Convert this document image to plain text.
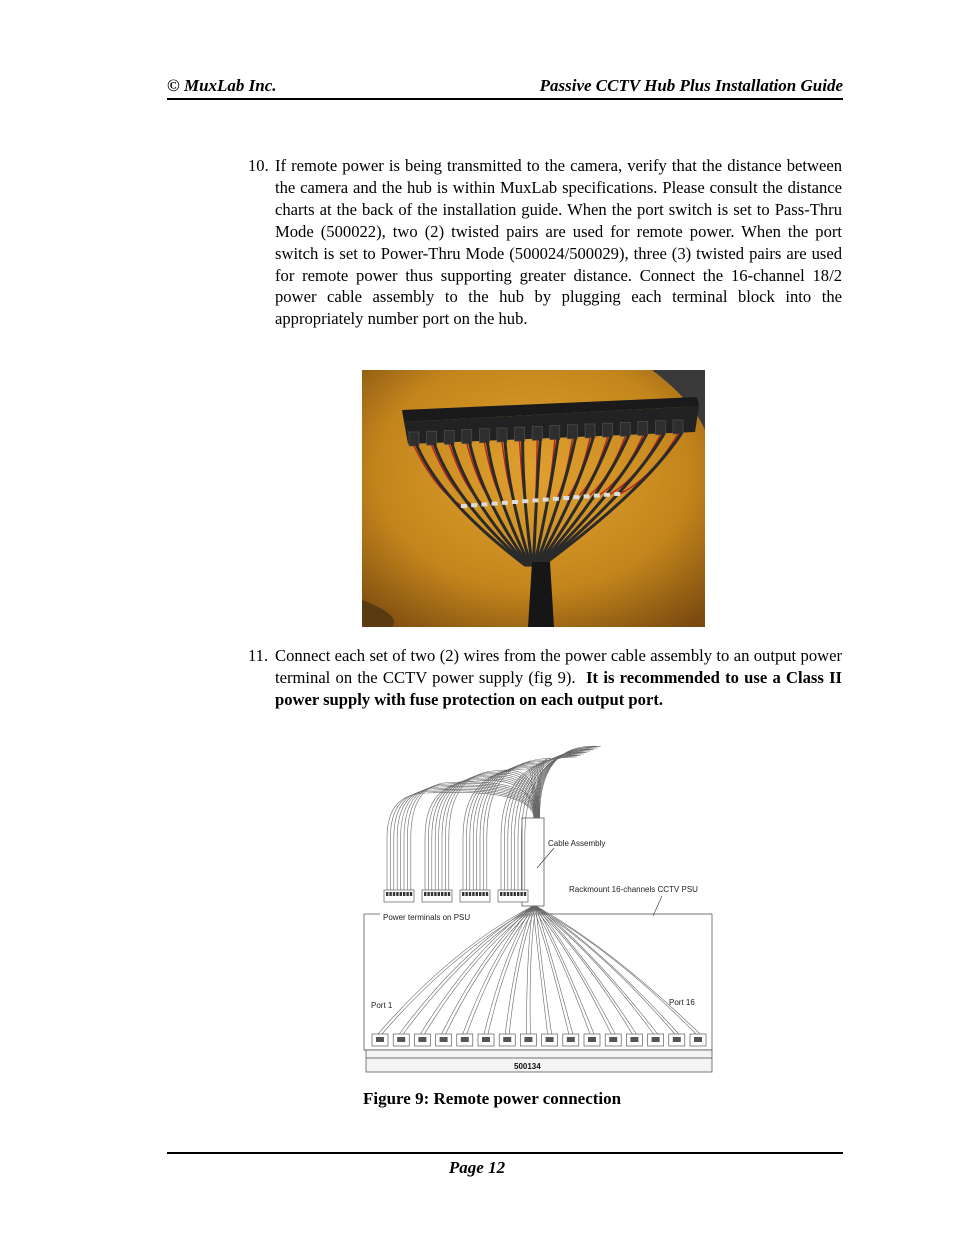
© MuxLab Inc.	Passive CCTV Hub Plus Installation Guide
10. If remote power is being transmitted to the camera, verify that the distance between the camera and the hub is within MuxLab specifications. Please consult the distance charts at the back of the installation guide. When the port switch is set to Pass-Thru Mode (500022), two (2) twisted pairs are used for remote power. When the port switch is set to Power-Thru Mode (500024/500029), three (3) twisted pairs are used for remote power thus supporting greater distance. Connect the 16-channel 18/2 power cable assembly to the hub by plugging each terminal block into the appropriately number port on the hub.
11. Connect each set of two (2) wires from the power cable assembly to an output power terminal on the CCTV power supply (fig 9). It is recommended to use a Class II power supply with fuse protection on each output port.
Cable Assembly
Rackmount 16-channels CCTV PSU
Power terminals on PSU
Port 1	Port 16
500134
Figure 9: Remote power connection
Page 12
